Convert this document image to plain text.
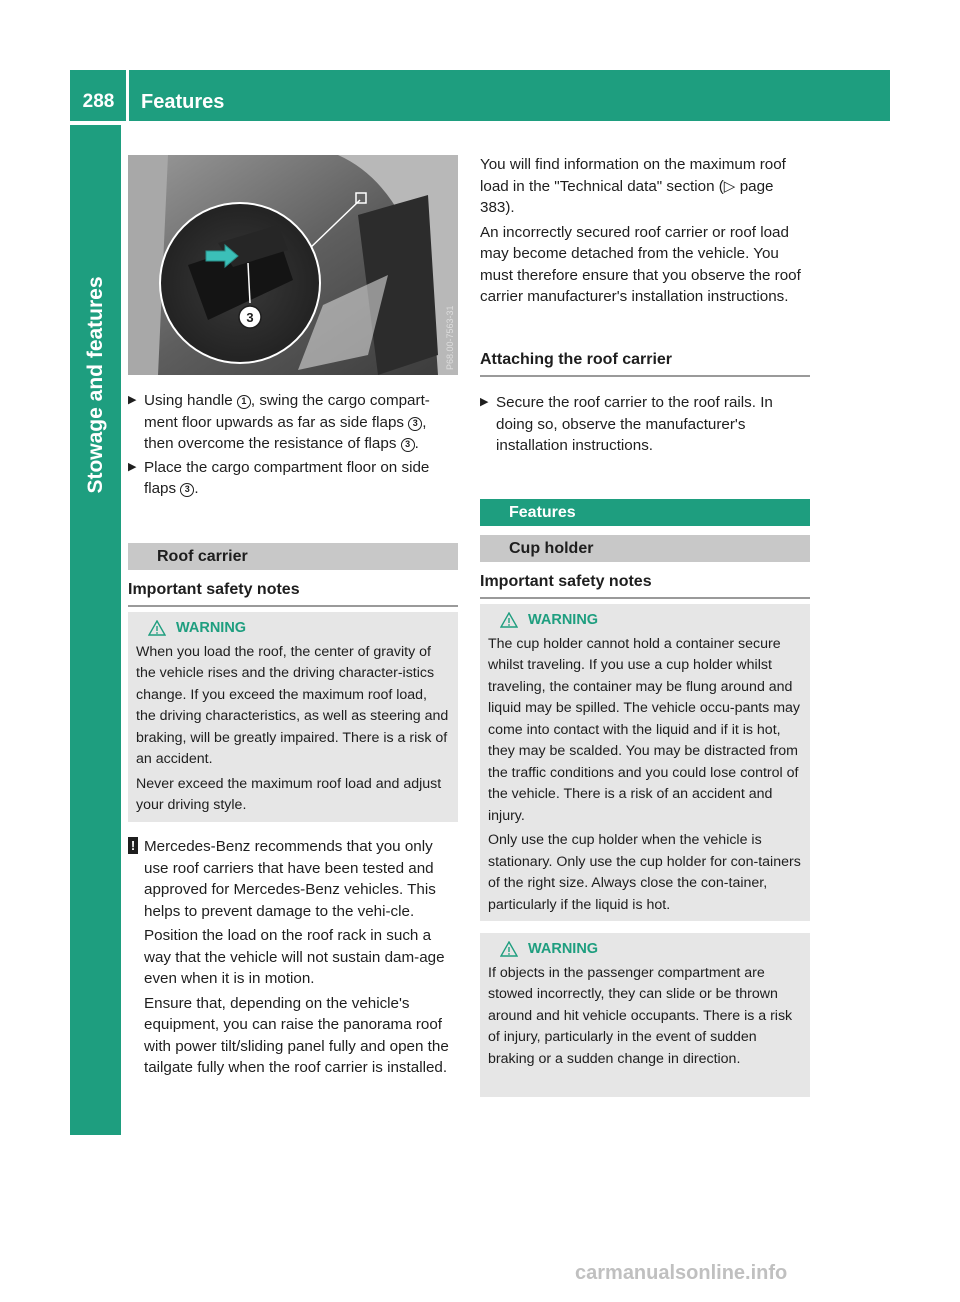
288	Features
Stowage and features	3	P68.00-7563-31
▶ Using handle 1 , swing the cargo compart-ment floor upwards as far as side flaps 3 , then overcome the resistance of flaps 3 .
▶ Place the cargo compartment floor on side flaps 3 .
Roof carrier
Important safety notes
WARNING

When you load the roof, the center of gravity of the vehicle rises and the driving character-istics change. If you exceed the maximum roof load, the driving characteristics, as well as steering and braking, will be greatly impaired. There is a risk of an accident.

Never exceed the maximum roof load and adjust your driving style.

! Mercedes-Benz recommends that you only use roof carriers that have been tested and approved for Mercedes-Benz vehicles. This helps to prevent damage to the vehi-cle.

Position the load on the roof rack in such a way that the vehicle will not sustain dam-age even when it is in motion.

Ensure that, depending on the vehicle's equipment, you can raise the panorama roof with power tilt/sliding panel fully and open the tailgate fully when the roof carrier is installed.

You will find information on the maximum roof load in the "Technical data" section (▷ page 383).

An incorrectly secured roof carrier or roof load may become detached from the vehicle. You must therefore ensure that you observe the roof carrier manufacturer's installation instructions.

Attaching the roof carrier
▶ Secure the roof carrier to the roof rails. In doing so, observe the manufacturer's installation instructions.
Features
Cup holder
Important safety notes
WARNING

The cup holder cannot hold a container secure whilst traveling. If you use a cup holder whilst traveling, the container may be flung around and liquid may be spilled. The vehicle occu-pants may come into contact with the liquid and if it is hot, they may be scalded. You may be distracted from the traffic conditions and you could lose control of the vehicle. There is a risk of an accident and injury.

Only use the cup holder when the vehicle is stationary. Only use the cup holder for con-tainers of the right size. Always close the con-tainer, particularly if the liquid is hot.

WARNING

If objects in the passenger compartment are stowed incorrectly, they can slide or be thrown around and hit vehicle occupants. There is a risk of injury, particularly in the event of sudden braking or a sudden change in direction.

carmanualsonline.info
